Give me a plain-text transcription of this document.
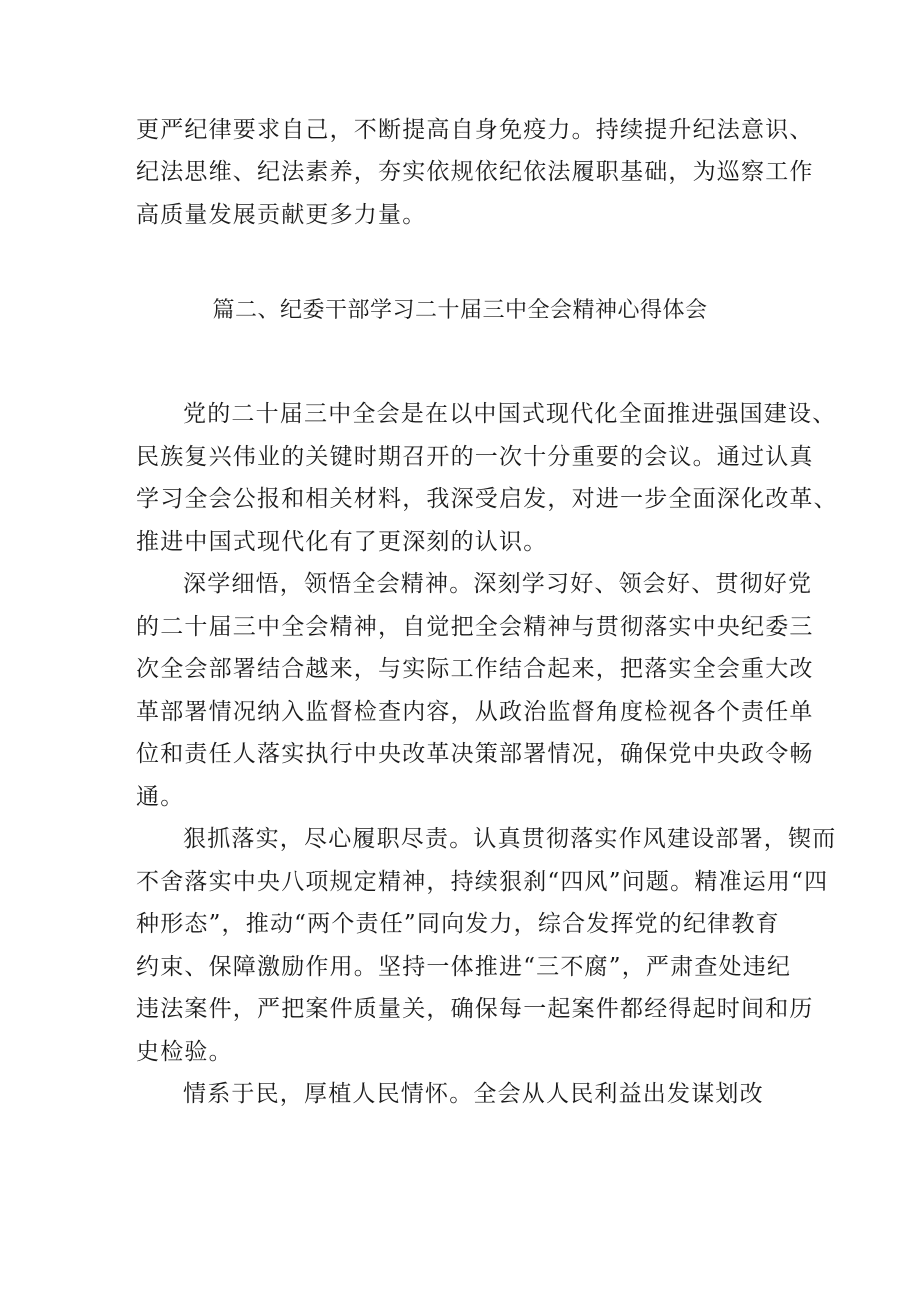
更严纪律要求自己，不断提高自身免疫力。持续提升纪法意识、
纪法思维、纪法素养，夯实依规依纪依法履职基础，为巡察工作
高质量发展贡献更多力量。
篇二、纪委干部学习二十届三中全会精神心得体会
党的二十届三中全会是在以中国式现代化全面推进强国建设、
民族复兴伟业的关键时期召开的一次十分重要的会议。通过认真
学习全会公报和相关材料，我深受启发，对进一步全面深化改革、
推进中国式现代化有了更深刻的认识。
深学细悟，领悟全会精神。深刻学习好、领会好、贯彻好党
的二十届三中全会精神，自觉把全会精神与贯彻落实中央纪委三
次全会部署结合越来，与实际工作结合起来，把落实全会重大改
革部署情况纳入监督检查内容，从政治监督角度检视各个责任单
位和责任人落实执行中央改革决策部署情况，确保党中央政令畅
通。
狠抓落实，尽心履职尽责。认真贯彻落实作风建设部署，锲而
不舍落实中央八项规定精神，持续狠刹“四风”问题。精准运用“四
种形态”，推动“两个责任”同向发力，综合发挥党的纪律教育
约束、保障激励作用。坚持一体推进“三不腐”，严肃查处违纪
违法案件，严把案件质量关，确保每一起案件都经得起时间和历
史检验。
情系于民，厚植人民情怀。全会从人民利益出发谋划改
